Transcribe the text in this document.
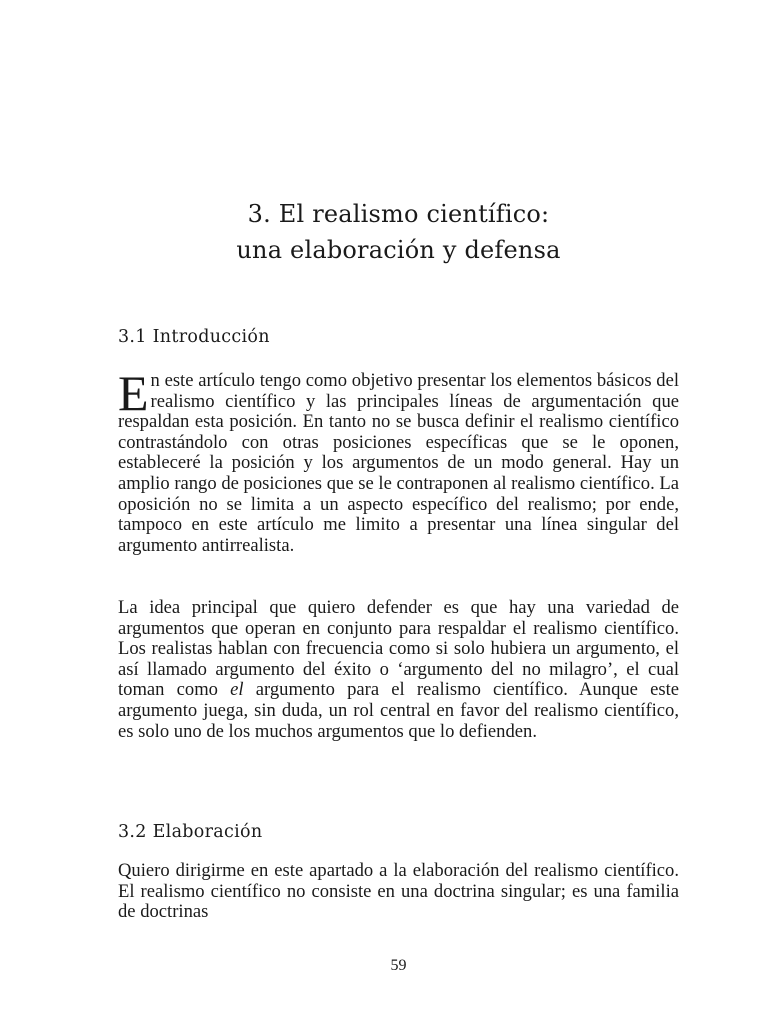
3. El realismo científico:
una elaboración y defensa
3.1 Introducción

En este artículo tengo como objetivo presentar los elementos básicos del realismo científico y las principales líneas de argumentación que respaldan esta posición. En tanto no se busca definir el realismo científico contrastándolo con otras posiciones específicas que se le oponen, estableceré la posición y los argumentos de un modo general. Hay un amplio rango de posiciones que se le contraponen al realismo científico. La oposición no se limita a un aspecto específico del realismo; por ende, tampoco en este artículo me limito a presentar una línea singular del argumento antirrealista.

La idea principal que quiero defender es que hay una variedad de argumentos que operan en conjunto para respaldar el realismo científico. Los realistas hablan con frecuencia como si solo hubiera un argumento, el así llamado argumento del éxito o ‘argumento del no milagro’, el cual toman como el argumento para el realismo científico. Aunque este argumento juega, sin duda, un rol central en favor del realismo científico, es solo uno de los muchos argumentos que lo defienden.

3.2 Elaboración

Quiero dirigirme en este apartado a la elaboración del realismo científico. El realismo científico no consiste en una doctrina singular; es una familia de doctrinas

59
